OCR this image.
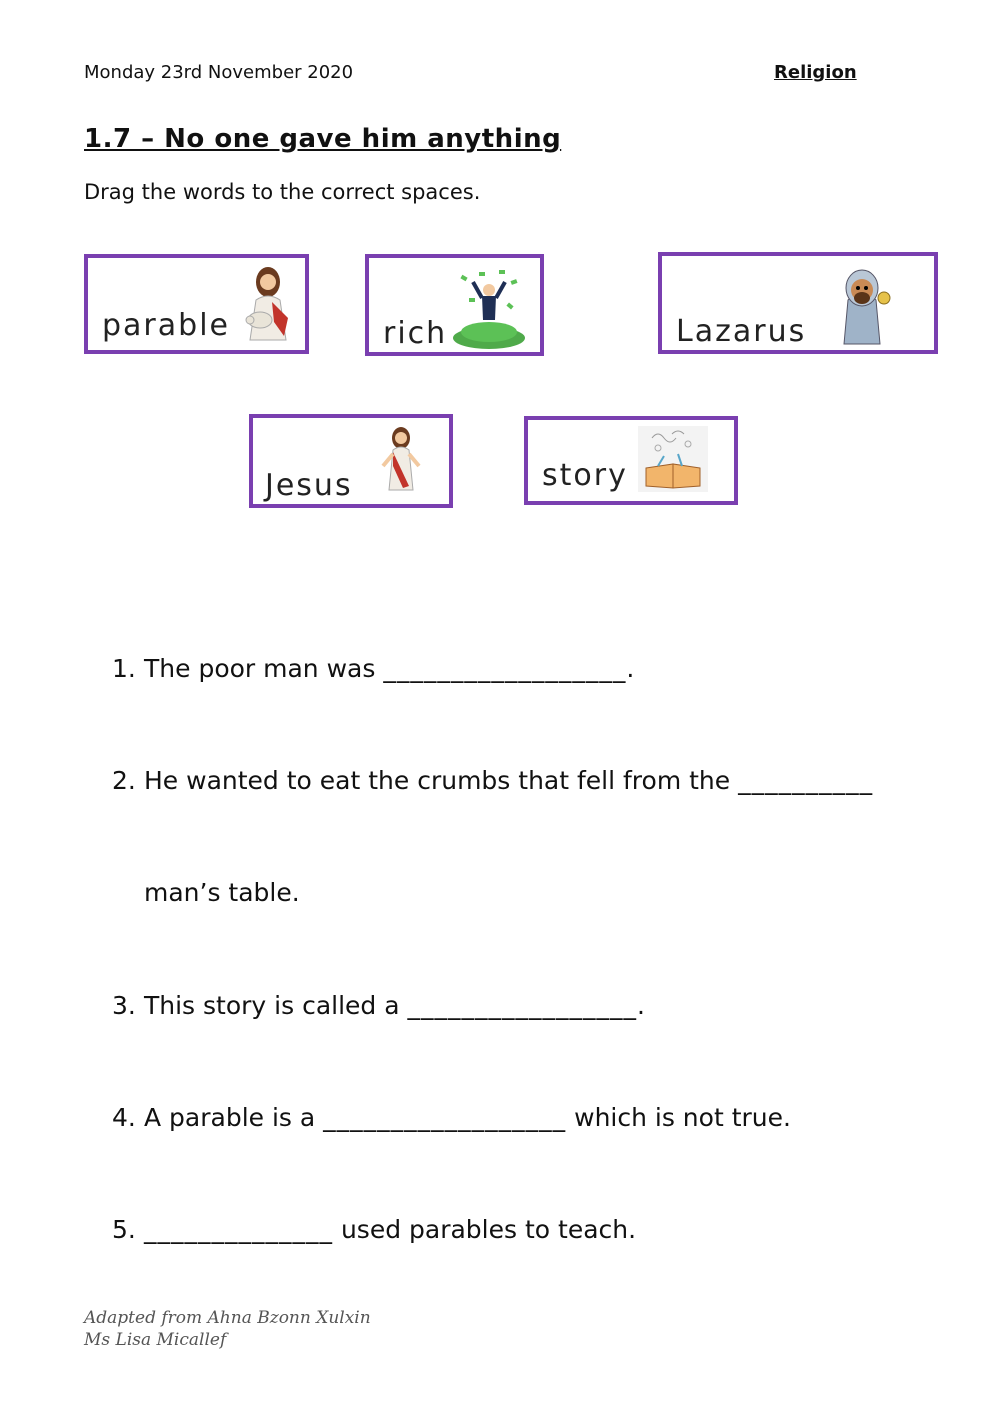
Monday 23rd November 2020	Religion
1.7 – No one gave him anything
Drag the words to the correct spaces.
parable	rich	Lazarus
Jesus	story
1. The poor man was __________________.
2. He wanted to eat the crumbs that fell from the __________
man’s table.
3. This story is called a _________________.
4. A parable is a __________________ which is not true.
5. ______________ used parables to teach.
Adapted from Ahna Bzonn Xulxin
Ms Lisa Micallef
